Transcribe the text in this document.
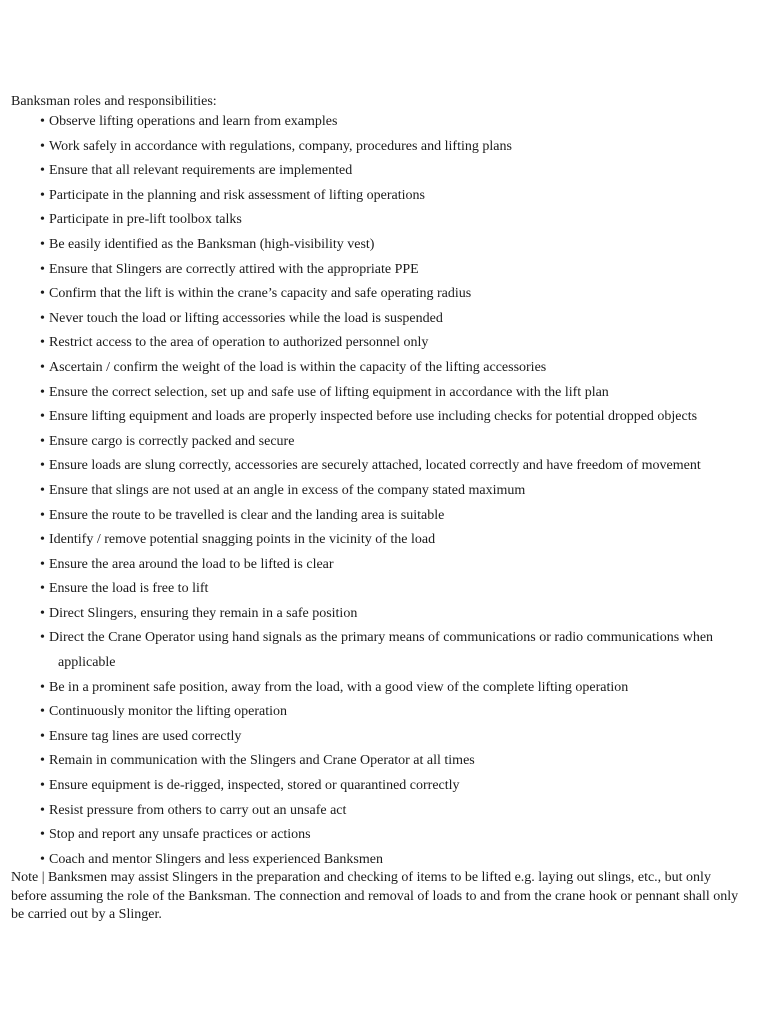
Banksman roles and responsibilities:
• Observe lifting operations and learn from examples
• Work safely in accordance with regulations, company, procedures and lifting plans
• Ensure that all relevant requirements are implemented
• Participate in the planning and risk assessment of lifting operations
• Participate in pre-lift toolbox talks
• Be easily identified as the Banksman (high-visibility vest)
• Ensure that Slingers are correctly attired with the appropriate PPE
• Confirm that the lift is within the crane’s capacity and safe operating radius
• Never touch the load or lifting accessories while the load is suspended
• Restrict access to the area of operation to authorized personnel only
• Ascertain / confirm the weight of the load is within the capacity of the lifting accessories
• Ensure the correct selection, set up and safe use of lifting equipment in accordance with the lift plan
• Ensure lifting equipment and loads are properly inspected before use including checks for potential dropped objects
• Ensure cargo is correctly packed and secure
• Ensure loads are slung correctly, accessories are securely attached, located correctly and have freedom of movement
• Ensure that slings are not used at an angle in excess of the company stated maximum
• Ensure the route to be travelled is clear and the landing area is suitable
• Identify / remove potential snagging points in the vicinity of the load
• Ensure the area around the load to be lifted is clear
• Ensure the load is free to lift
• Direct Slingers, ensuring they remain in a safe position
• Direct the Crane Operator using hand signals as the primary means of communications or radio communications when
applicable
• Be in a prominent safe position, away from the load, with a good view of the complete lifting operation
• Continuously monitor the lifting operation
• Ensure tag lines are used correctly
• Remain in communication with the Slingers and Crane Operator at all times
• Ensure equipment is de-rigged, inspected, stored or quarantined correctly
• Resist pressure from others to carry out an unsafe act
• Stop and report any unsafe practices or actions
• Coach and mentor Slingers and less experienced Banksmen
Note | Banksmen may assist Slingers in the preparation and checking of items to be lifted e.g. laying out slings, etc., but only before assuming the role of the Banksman. The connection and removal of loads to and from the crane hook or pennant shall only be carried out by a Slinger.
